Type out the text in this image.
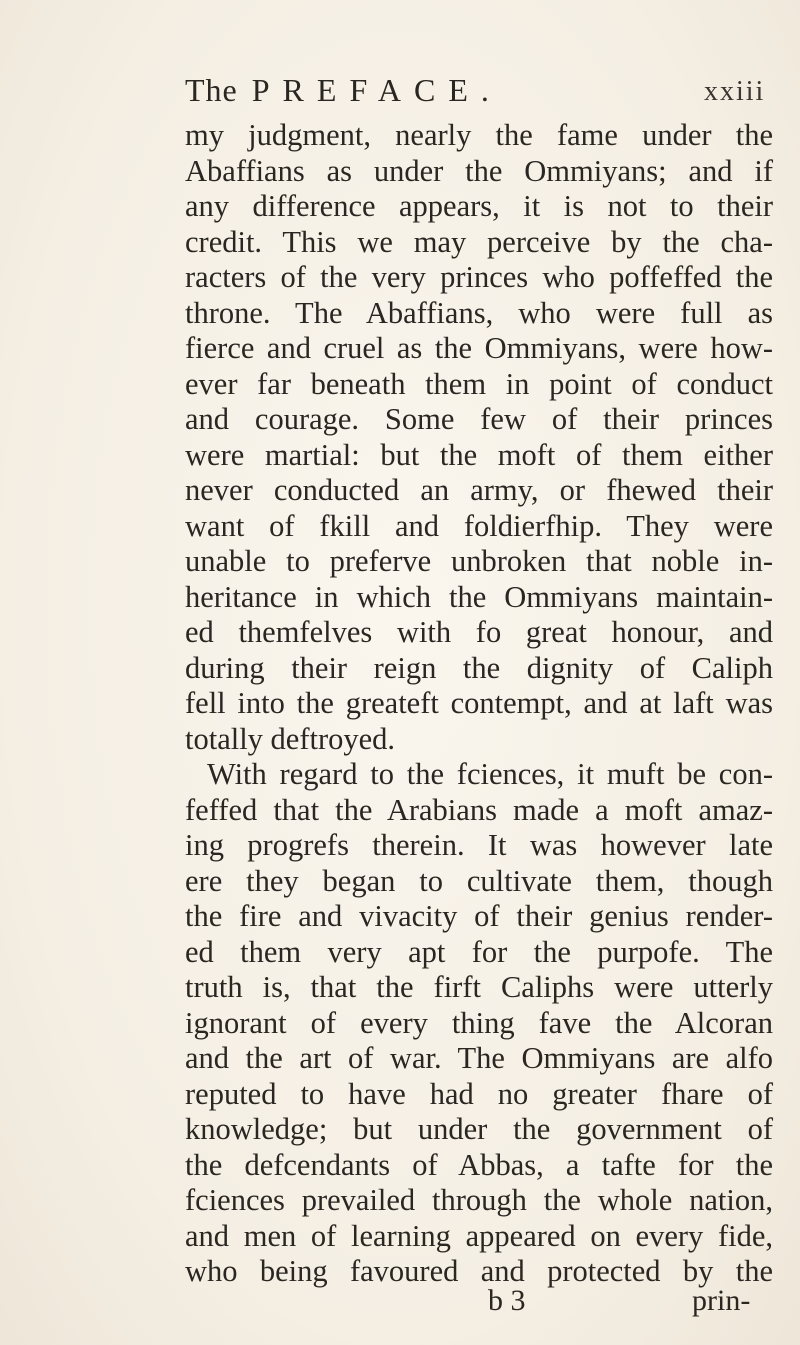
The PREFACE.	xxiii
my judgment, nearly the fame under the
Abaffians as under the Ommiyans; and if
any difference appears, it is not to their
credit. This we may perceive by the cha-
racters of the very princes who poffeffed the
throne. The Abaffians, who were full as
fierce and cruel as the Ommiyans, were how-
ever far beneath them in point of conduct
and courage. Some few of their princes
were martial: but the moft of them either
never conducted an army, or fhewed their
want of fkill and foldierfhip. They were
unable to preferve unbroken that noble in-
heritance in which the Ommiyans maintain-
ed themfelves with fo great honour, and
during their reign the dignity of Caliph
fell into the greateft contempt, and at laft was
totally deftroyed.
With regard to the fciences, it muft be con-
feffed that the Arabians made a moft amaz-
ing progrefs therein. It was however late
ere they began to cultivate them, though
the fire and vivacity of their genius render-
ed them very apt for the purpofe. The
truth is, that the firft Caliphs were utterly
ignorant of every thing fave the Alcoran
and the art of war. The Ommiyans are alfo
reputed to have had no greater fhare of
knowledge; but under the government of
the defcendants of Abbas, a tafte for the
fciences prevailed through the whole nation,
and men of learning appeared on every fide,
who being favoured and protected by the
b 3	prin-
